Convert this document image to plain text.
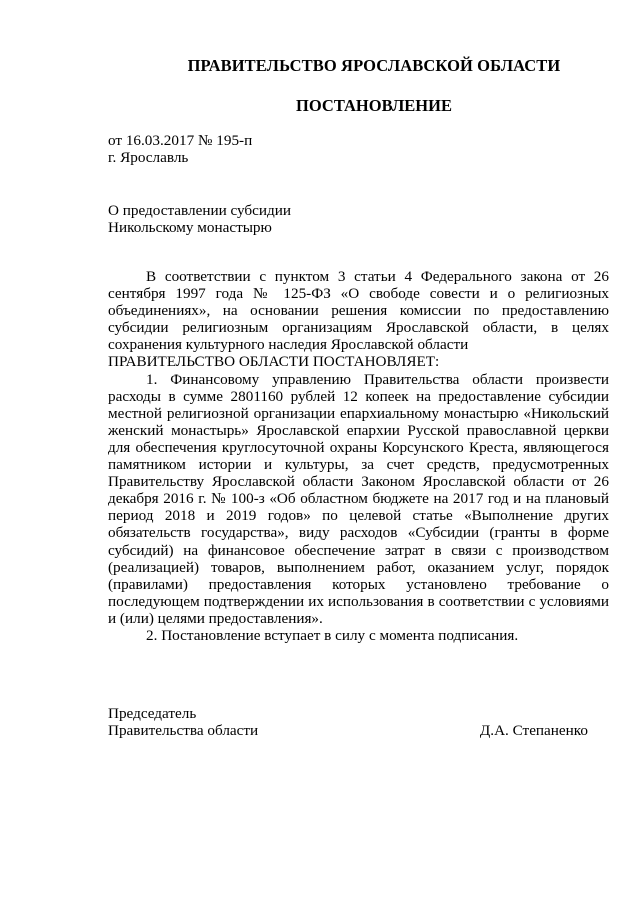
ПРАВИТЕЛЬСТВО ЯРОСЛАВСКОЙ ОБЛАСТИ
ПОСТАНОВЛЕНИЕ
от 16.03.2017 № 195-п
г. Ярославль
О предоставлении субсидии
Никольскому монастырю

В соответствии с пунктом 3 статьи 4 Федерального закона от 26 сентября 1997 года № 125-ФЗ «О свободе совести и о религиозных объединениях», на основании решения комиссии по предоставлению субсидии религиозным организациям Ярославской области, в целях сохранения культурного наследия Ярославской области

ПРАВИТЕЛЬСТВО ОБЛАСТИ ПОСТАНОВЛЯЕТ:

1. Финансовому управлению Правительства области произвести расходы в сумме 2801160 рублей 12 копеек на предоставление субсидии местной религиозной организации епархиальному монастырю «Никольский женский монастырь» Ярославской епархии Русской православной церкви для обеспечения круглосуточной охраны Корсунского Креста, являющегося памятником истории и культуры, за счет средств, предусмотренных Правительству Ярославской области Законом Ярославской области от 26 декабря 2016 г. № 100-з «Об областном бюджете на 2017 год и на плановый период 2018 и 2019 годов» по целевой статье «Выполнение других обязательств государства», виду расходов «Субсидии (гранты в форме субсидий) на финансовое обеспечение затрат в связи с производством (реализацией) товаров, выполнением работ, оказанием услуг, порядок (правилами) предоставления которых установлено требование о последующем подтверждении их использования в соответствии с условиями и (или) целями предоставления».

2. Постановление вступает в силу с момента подписания.

Председатель
Правительства области	Д.А. Степаненко
